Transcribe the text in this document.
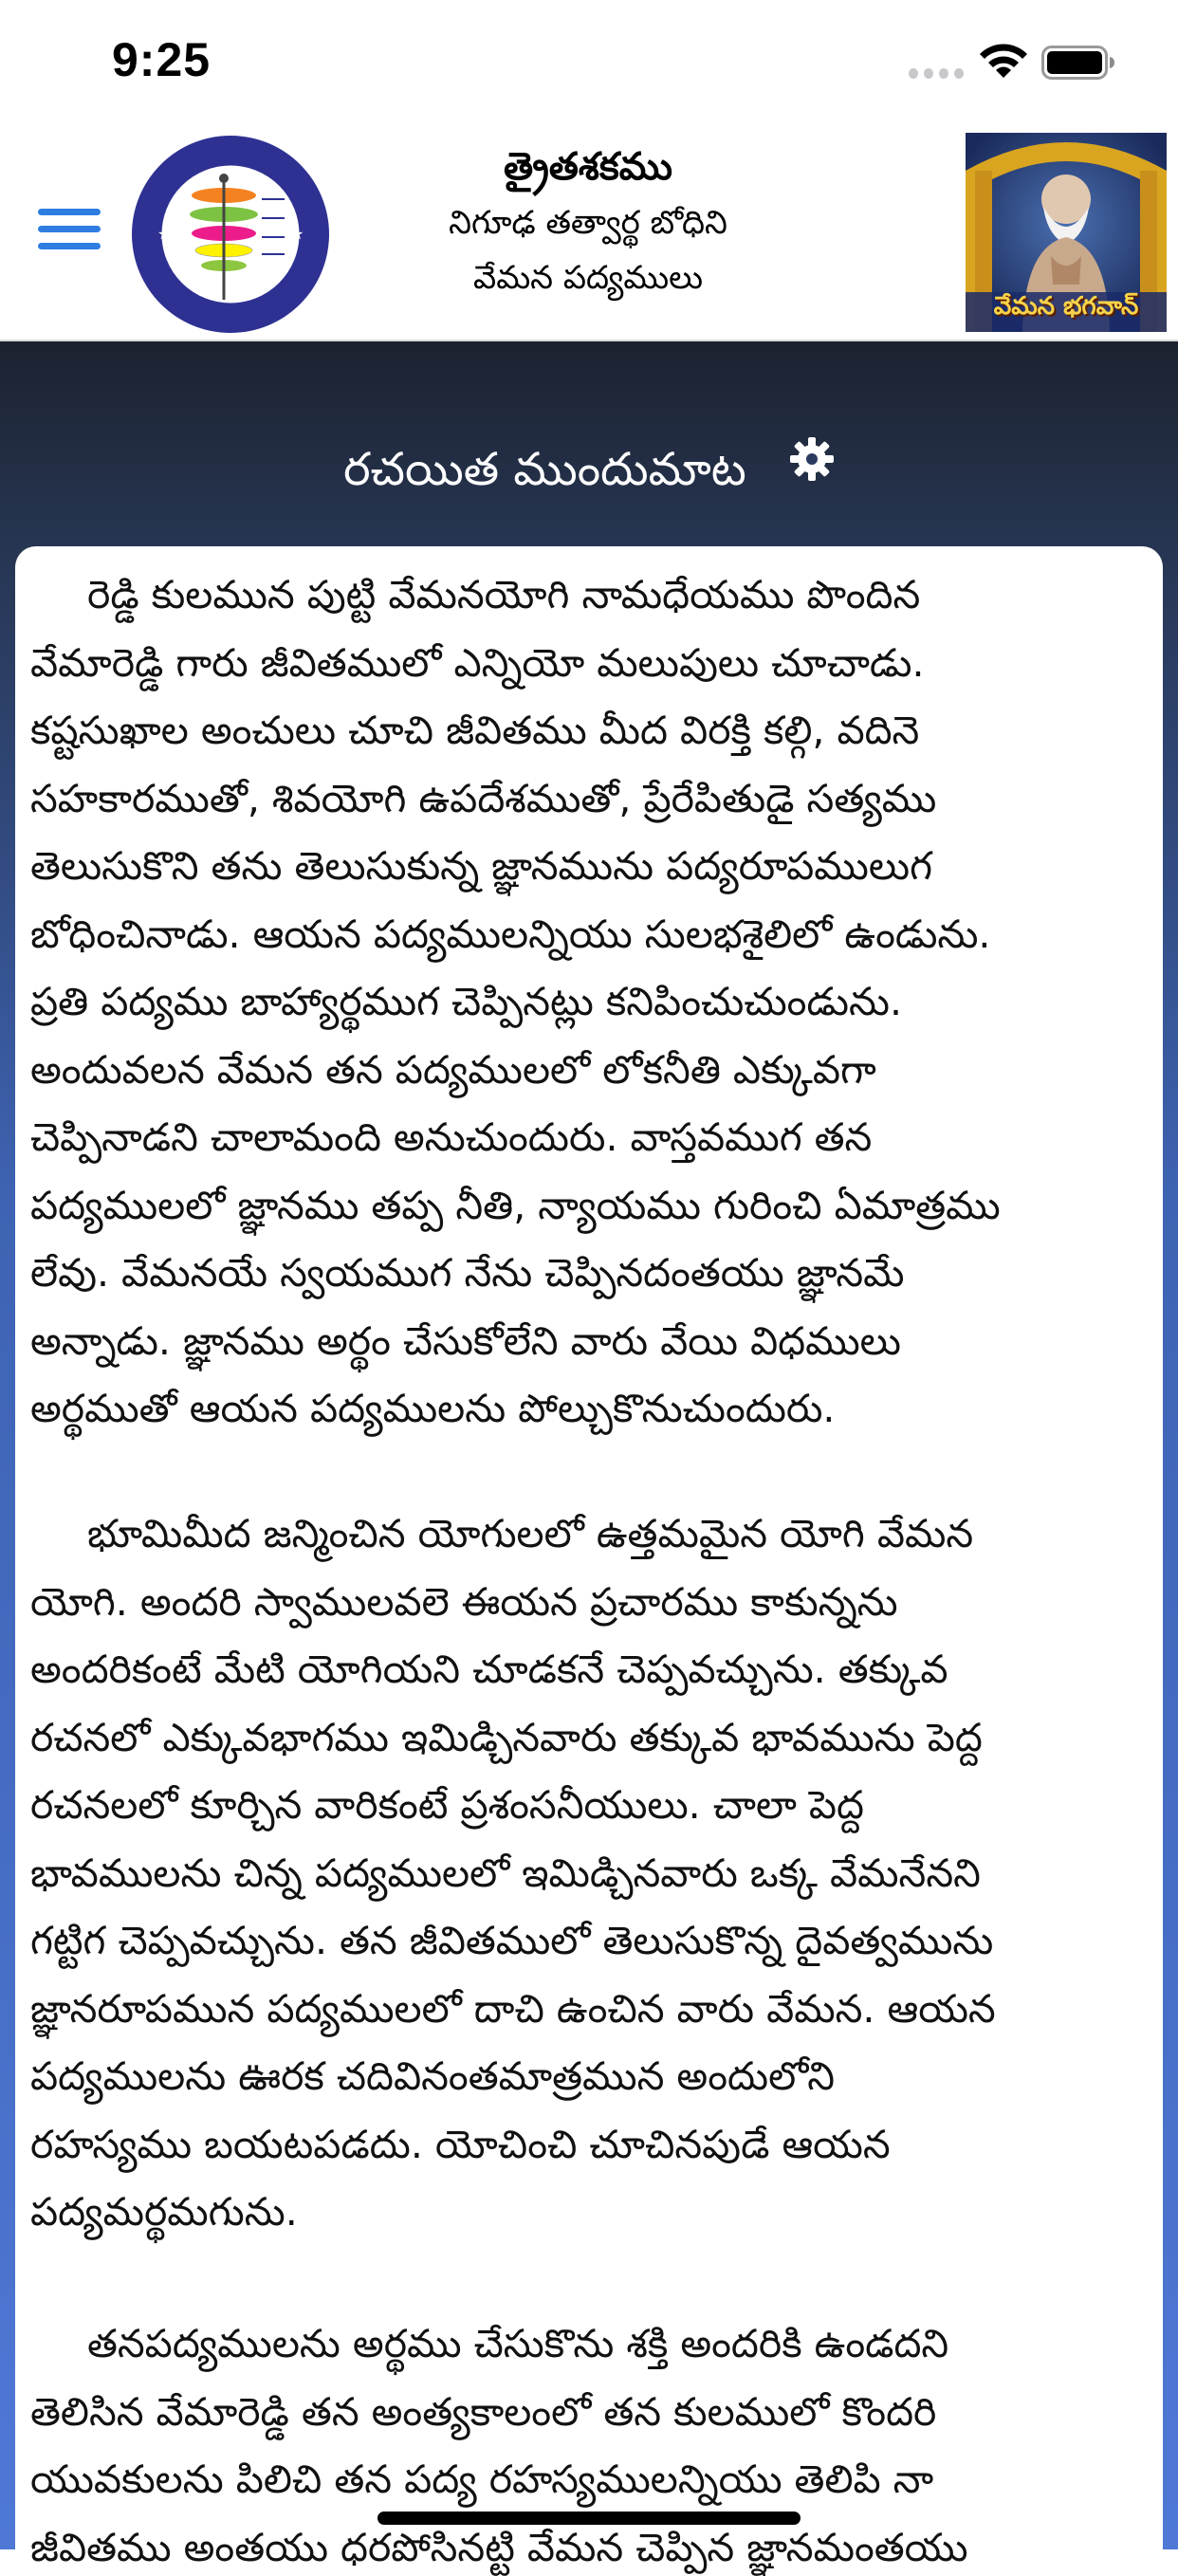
9:25
★	★
త్రైతశకము
నిగూఢ తత్వార్థ బోధిని
వేమన పద్యములు
వేమన భగవాన్
రచయిత ముందుమాట
రెడ్డి కులమున పుట్టి వేమనయోగి నామధేయము పొందిన
వేమారెడ్డి గారు జీవితములో ఎన్నియో మలుపులు చూచాడు.
కష్టసుఖాల అంచులు చూచి జీవితము మీద విరక్తి కల్గి, వదినె
సహకారముతో, శివయోగి ఉపదేశముతో, ప్రేరేపితుడై సత్యము
తెలుసుకొని తను తెలుసుకున్న జ్ఞానమును పద్యరూపములుగ
బోధించినాడు. ఆయన పద్యములన్నియు సులభశైలిలో ఉండును.
ప్రతి పద్యము బాహ్యార్థముగ చెప్పినట్లు కనిపించుచుండును.
అందువలన వేమన తన పద్యములలో లోకనీతి ఎక్కువగా
చెప్పినాడని చాలామంది అనుచుందురు. వాస్తవముగ తన
పద్యములలో జ్ఞానము తప్ప నీతి, న్యాయము గురించి ఏమాత్రము
లేవు. వేమనయే స్వయముగ నేను చెప్పినదంతయు జ్ఞానమే
అన్నాడు. జ్ఞానము అర్థం చేసుకోలేని వారు వేయి విధములు
అర్థముతో ఆయన పద్యములను పోల్చుకొనుచుందురు.
భూమిమీద జన్మించిన యోగులలో ఉత్తమమైన యోగి వేమన
యోగి. అందరి స్వాములవలె ఈయన ప్రచారము కాకున్నను
అందరికంటే మేటి యోగియని చూడకనే చెప్పవచ్చును. తక్కువ
రచనలో ఎక్కువభాగము ఇమిడ్చినవారు తక్కువ భావమును పెద్ద
రచనలలో కూర్చిన వారికంటే ప్రశంసనీయులు. చాలా పెద్ద
భావములను చిన్న పద్యములలో ఇమిడ్చినవారు ఒక్క వేమనేనని
గట్టిగ చెప్పవచ్చును. తన జీవితములో తెలుసుకొన్న దైవత్వమును
జ్ఞానరూపమున పద్యములలో దాచి ఉంచిన వారు వేమన. ఆయన
పద్యములను ఊరక చదివినంతమాత్రమున అందులోని
రహస్యము బయటపడదు. యోచించి చూచినపుడే ఆయన
పద్యమర్థమగును.
తనపద్యములను అర్థము చేసుకొను శక్తి అందరికి ఉండదని
తెలిసిన వేమారెడ్డి తన అంత్యకాలంలో తన కులములో కొందరి
యువకులను పిలిచి తన పద్య రహస్యములన్నియు తెలిపి నా
జీవితము అంతయు ధరపోసినట్టి వేమన చెప్పిన జ్ఞానమంతయు
